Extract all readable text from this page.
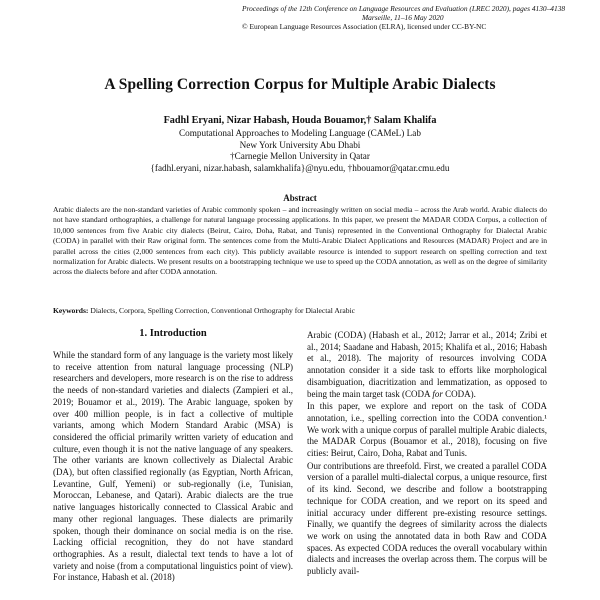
Proceedings of the 12th Conference on Language Resources and Evaluation (LREC 2020), pages 4130–4138
Marseille, 11–16 May 2020
© European Language Resources Association (ELRA), licensed under CC-BY-NC
A Spelling Correction Corpus for Multiple Arabic Dialects
Fadhl Eryani, Nizar Habash, Houda Bouamor,† Salam Khalifa
Computational Approaches to Modeling Language (CAMeL) Lab
New York University Abu Dhabi
†Carnegie Mellon University in Qatar
{fadhl.eryani, nizar.habash, salamkhalifa}@nyu.edu, †hbouamor@qatar.cmu.edu
Abstract
Arabic dialects are the non-standard varieties of Arabic commonly spoken – and increasingly written on social media – across the Arab world. Arabic dialects do not have standard orthographies, a challenge for natural language processing applications. In this paper, we present the MADAR CODA Corpus, a collection of 10,000 sentences from five Arabic city dialects (Beirut, Cairo, Doha, Rabat, and Tunis) represented in the Conventional Orthography for Dialectal Arabic (CODA) in parallel with their Raw original form. The sentences come from the Multi-Arabic Dialect Applications and Resources (MADAR) Project and are in parallel across the cities (2,000 sentences from each city). This publicly available resource is intended to support research on spelling correction and text normalization for Arabic dialects. We present results on a bootstrapping technique we use to speed up the CODA annotation, as well as on the degree of similarity across the dialects before and after CODA annotation.
Keywords: Dialects, Corpora, Spelling Correction, Conventional Orthography for Dialectal Arabic
1. Introduction

While the standard form of any language is the variety most likely to receive attention from natural language processing (NLP) researchers and developers, more research is on the rise to address the needs of non-standard varieties and dialects (Zampieri et al., 2019; Bouamor et al., 2019). The Arabic language, spoken by over 400 million people, is in fact a collective of multiple variants, among which Modern Standard Arabic (MSA) is considered the official primarily written variety of education and culture, even though it is not the native language of any speakers. The other variants are known collectively as Dialectal Arabic (DA), but often classified regionally (as Egyptian, North African, Levantine, Gulf, Yemeni) or sub-regionally (i.e, Tunisian, Moroccan, Lebanese, and Qatari). Arabic dialects are the true native languages historically connected to Classical Arabic and many other regional languages. These dialects are primarily spoken, though their dominance on social media is on the rise. Lacking official recognition, they do not have standard orthographies. As a result, dialectal text tends to have a lot of variety and noise (from a computational linguistics point of view). For instance, Habash et al. (2018)

Arabic (CODA) (Habash et al., 2012; Jarrar et al., 2014; Zribi et al., 2014; Saadane and Habash, 2015; Khalifa et al., 2016; Habash et al., 2018). The majority of resources involving CODA annotation consider it a side task to efforts like morphological disambiguation, diacritization and lemmatization, as opposed to being the main target task (CODA for CODA).

In this paper, we explore and report on the task of CODA annotation, i.e., spelling correction into the CODA convention.¹ We work with a unique corpus of parallel multiple Arabic dialects, the MADAR Corpus (Bouamor et al., 2018), focusing on five cities: Beirut, Cairo, Doha, Rabat and Tunis.

Our contributions are threefold. First, we created a parallel CODA version of a parallel multi-dialectal corpus, a unique resource, first of its kind. Second, we describe and follow a bootstrapping technique for CODA creation, and we report on its speed and initial accuracy under different pre-existing resource settings. Finally, we quantify the degrees of similarity across the dialects we work on using the annotated data in both Raw and CODA spaces. As expected CODA reduces the overall vocabulary within dialects and increases the overlap across them. The corpus will be publicly avail-
